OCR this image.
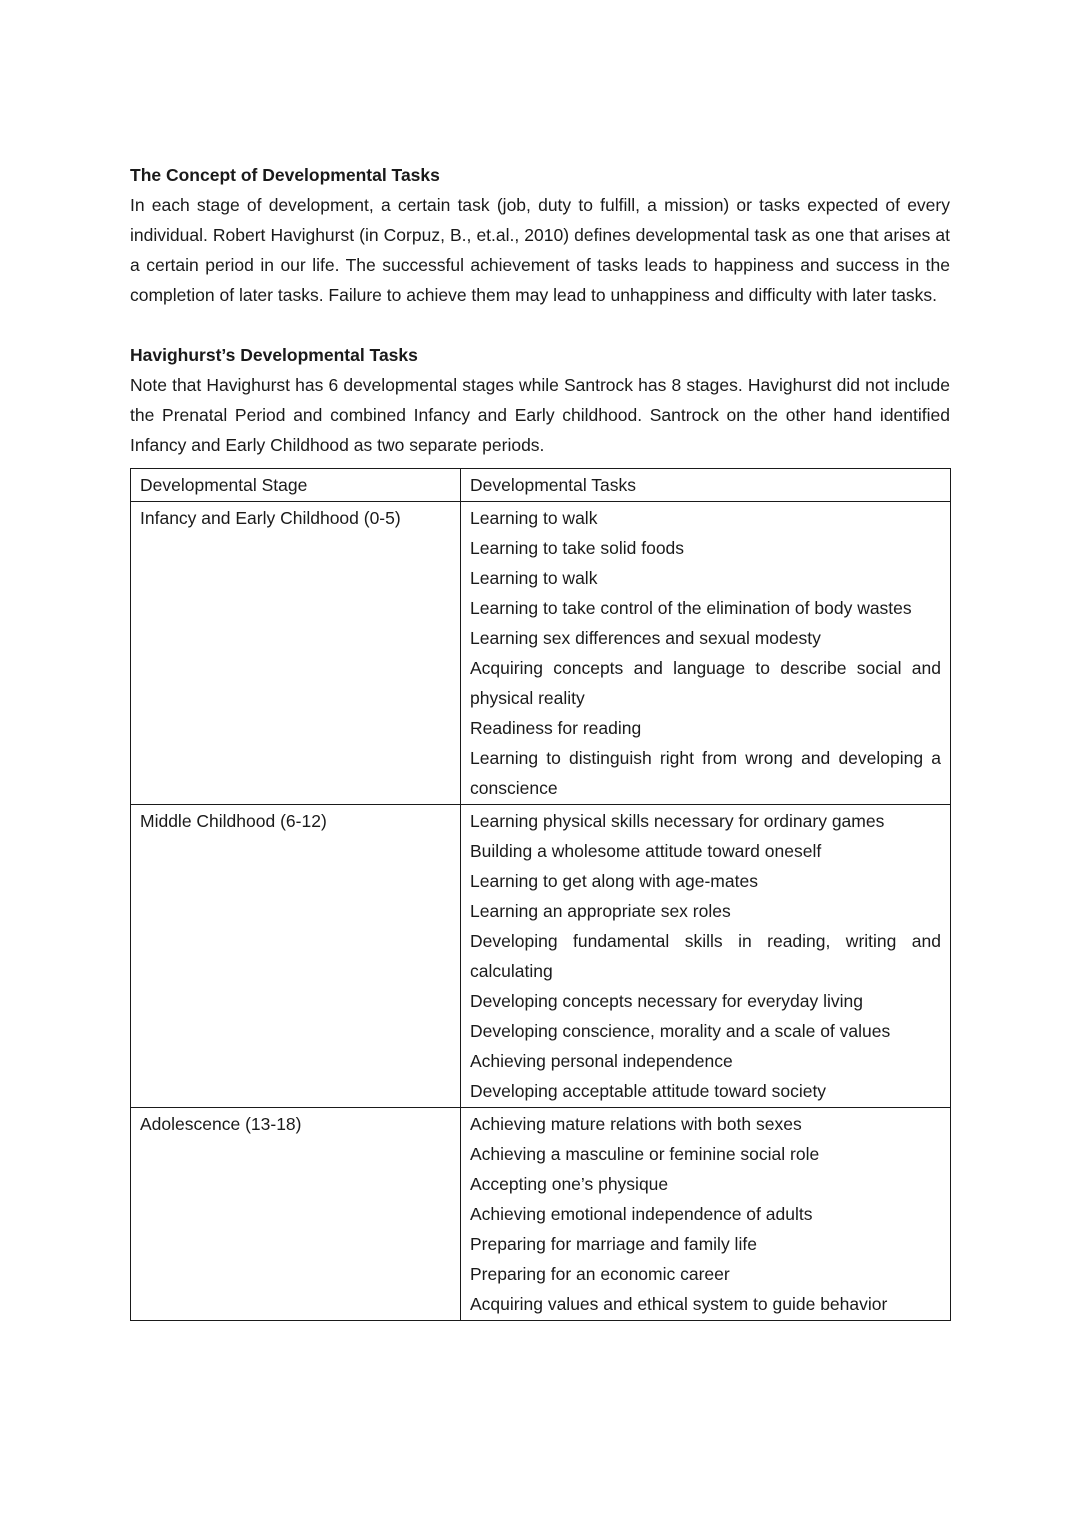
The Concept of Developmental Tasks

In each stage of development, a certain task (job, duty to fulfill, a mission) or tasks expected of every individual. Robert Havighurst (in Corpuz, B., et.al., 2010) defines developmental task as one that arises at a certain period in our life. The successful achievement of tasks leads to happiness and success in the completion of later tasks. Failure to achieve them may lead to unhappiness and difficulty with later tasks.

Havighurst’s Developmental Tasks

Note that Havighurst has 6 developmental stages while Santrock has 8 stages. Havighurst did not include the Prenatal Period and combined Infancy and Early childhood. Santrock on the other hand identified Infancy and Early Childhood as two separate periods.

Developmental Stage	Developmental Tasks
Infancy and Early Childhood (0-5)	Learning to walk

Learning to take solid foods

Learning to walk

Learning to take control of the elimination of body wastes

Learning sex differences and sexual modesty

Acquiring concepts and language to describe social and physical reality

Readiness for reading

Learning to distinguish right from wrong and developing a conscience

Middle Childhood (6-12)	Learning physical skills necessary for ordinary games

Building a wholesome attitude toward oneself

Learning to get along with age-mates

Learning an appropriate sex roles

Developing fundamental skills in reading, writing and calculating

Developing concepts necessary for everyday living

Developing conscience, morality and a scale of values

Achieving personal independence

Developing acceptable attitude toward society

Adolescence (13-18)	Achieving mature relations with both sexes

Achieving a masculine or feminine social role

Accepting one’s physique

Achieving emotional independence of adults

Preparing for marriage and family life

Preparing for an economic career

Acquiring values and ethical system to guide behavior
